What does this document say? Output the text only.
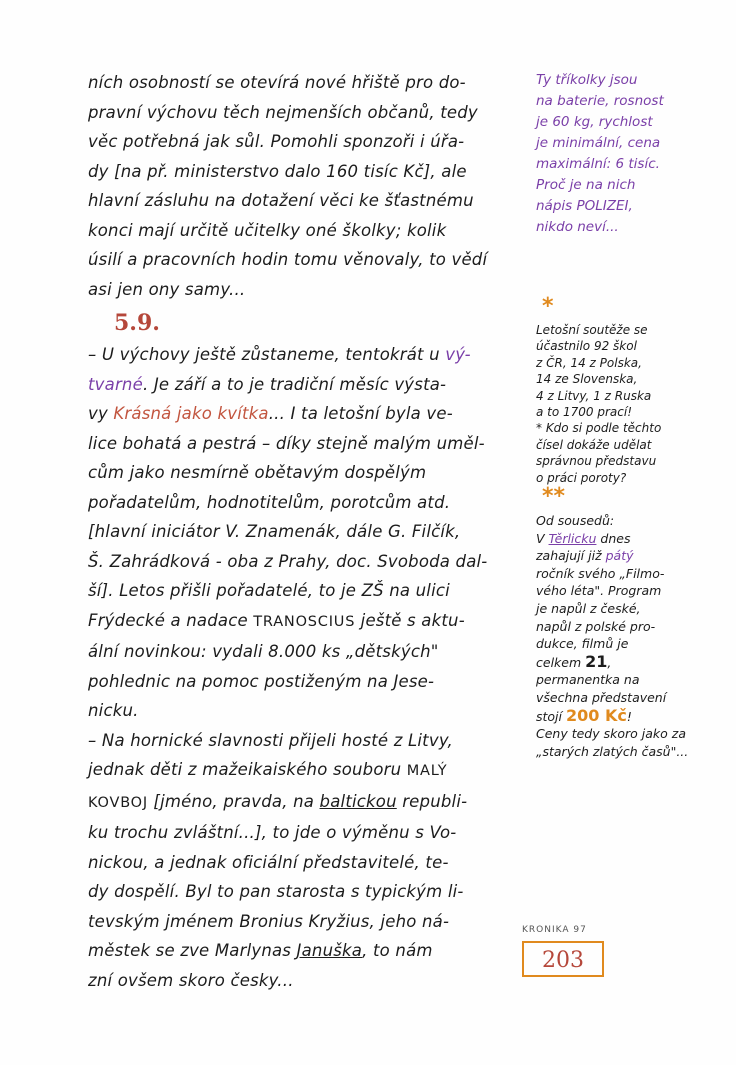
ních osobností se otevírá nové hřiště pro do-

pravní výchovu těch nejmenších občanů, tedy

věc potřebná jak sůl. Pomohli sponzoři i úřa-

dy [na př. ministerstvo dalo 160 tisíc Kč], ale

hlavní zásluhu na dotažení věci ke šťastnému

konci mají určitě učitelky oné školky; kolik

úsilí a pracovních hodin tomu věnovaly, to vědí

asi jen ony samy...

5.9.

– U výchovy ještě zůstaneme, tentokrát u vý-

tvarné. Je září a to je tradiční měsíc výsta-

vy Krásná jako kvítka... I ta letošní byla ve-

lice bohatá a pestrá – díky stejně malým uměl-

cům jako nesmírně obětavým dospělým

pořadatelům, hodnotitelům, porotcům atd.

[hlavní iniciátor V. Znamenák, dále G. Filčík,

Š. Zahrádková - oba z Prahy, doc. Svoboda dal-

ší]. Letos přišli pořadatelé, to je ZŠ na ulici

Frýdecké a nadace TRANOSCIUS ještě s aktu-

ální novinkou: vydali 8.000 ks „dětských"

pohlednic na pomoc postiženým na Jese-

nicku.

– Na hornické slavnosti přijeli hosté z Litvy,

jednak děti z mažeikaiského souboru MALÝ

KOVBOJ [jméno, pravda, na baltickou republi-

ku trochu zvláštní...], to jde o výměnu s Vo-

nickou, a jednak oficiální představitelé, te-

dy dospělí. Byl to pan starosta s typickým li-

tevským jménem Bronius Kryžius, jeho ná-

městek se zve Marlynas Januška, to nám

zní ovšem skoro česky...

Ty tříkolky jsou

na baterie, rosnost

je 60 kg, rychlost

je minimální, cena

maximální: 6 tisíc.

Proč je na nich

nápis POLIZEI,

nikdo neví...

*

Letošní soutěže se

účastnilo 92 škol

z ČR, 14 z Polska,

14 ze Slovenska,

4 z Litvy, 1 z Ruska

a to 1700 prací!

* Kdo si podle těchto

čísel dokáže udělat

správnou představu

o práci poroty?

**

Od sousedů:

V Těrlicku dnes

zahajují již pátý

ročník svého „Filmo-

vého léta". Program

je napůl z české,

napůl z polské pro-

dukce, filmů je

celkem 21,

permanentka na

všechna představení

stojí 200 Kč!

Ceny tedy skoro jako za

„starých zlatých časů"...

KRONIKA 97
203
